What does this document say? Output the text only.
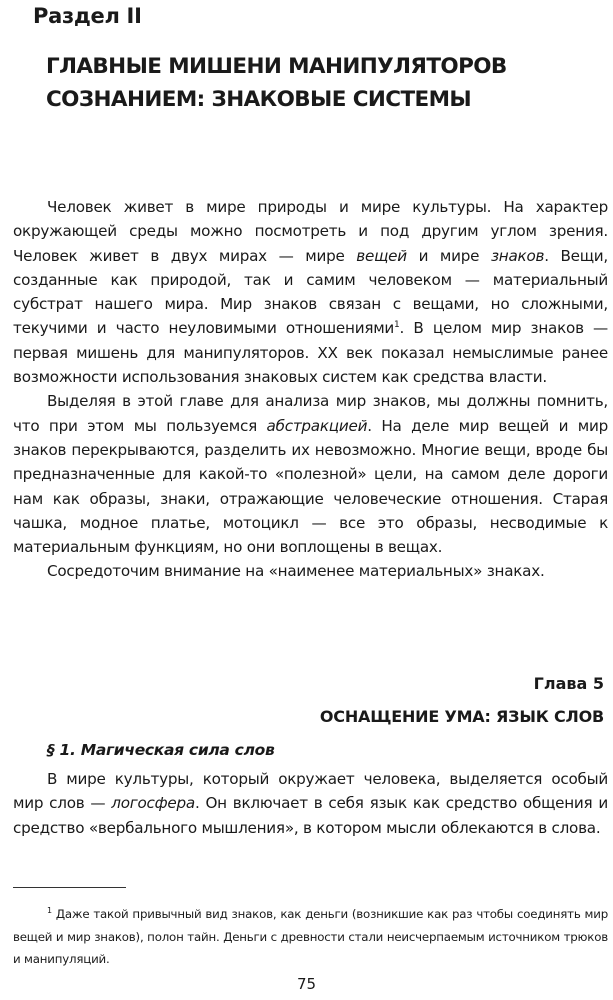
Раздел II
ГЛАВНЫЕ МИШЕНИ МАНИПУЛЯТОРОВ
СОЗНАНИЕМ: ЗНАКОВЫЕ СИСТЕМЫ

Человек живет в мире природы и мире культуры. На характер окружающей среды можно посмотреть и под другим углом зрения. Человек живет в двух мирах — мире вещей и мире знаков. Вещи, созданные как природой, так и самим человеком — материальный субстрат нашего мира. Мир знаков связан с вещами, но сложными, текучими и часто неуловимыми отношениями$^1$. В целом мир знаков — первая мишень для манипуляторов. XX век показал немыслимые ранее возможности использования знаковых систем как средства власти.

Выделяя в этой главе для анализа мир знаков, мы должны помнить, что при этом мы пользуемся абстракцией. На деле мир вещей и мир знаков перекрываются, разделить их невозможно. Многие вещи, вроде бы предназначенные для какой-то «полезной» цели, на самом деле дороги нам как образы, знаки, отражающие человеческие отношения. Старая чашка, модное платье, мотоцикл — все это образы, несводимые к материальным функциям, но они воплощены в вещах.

Сосредоточим внимание на «наименее материальных» знаках.

Глава 5
ОСНАЩЕНИЕ УМА: ЯЗЫК СЛОВ
§ 1. Магическая сила слов

В мире культуры, который окружает человека, выделяется особый мир слов — логосфера. Он включает в себя язык как средство общения и средство «вербального мышления», в котором мысли облекаются в слова.

$^1$ Даже такой привычный вид знаков, как деньги (возникшие как раз чтобы соединять мир вещей и мир знаков), полон тайн. Деньги с древности стали неисчерпаемым источником трюков и манипуляций.

75
